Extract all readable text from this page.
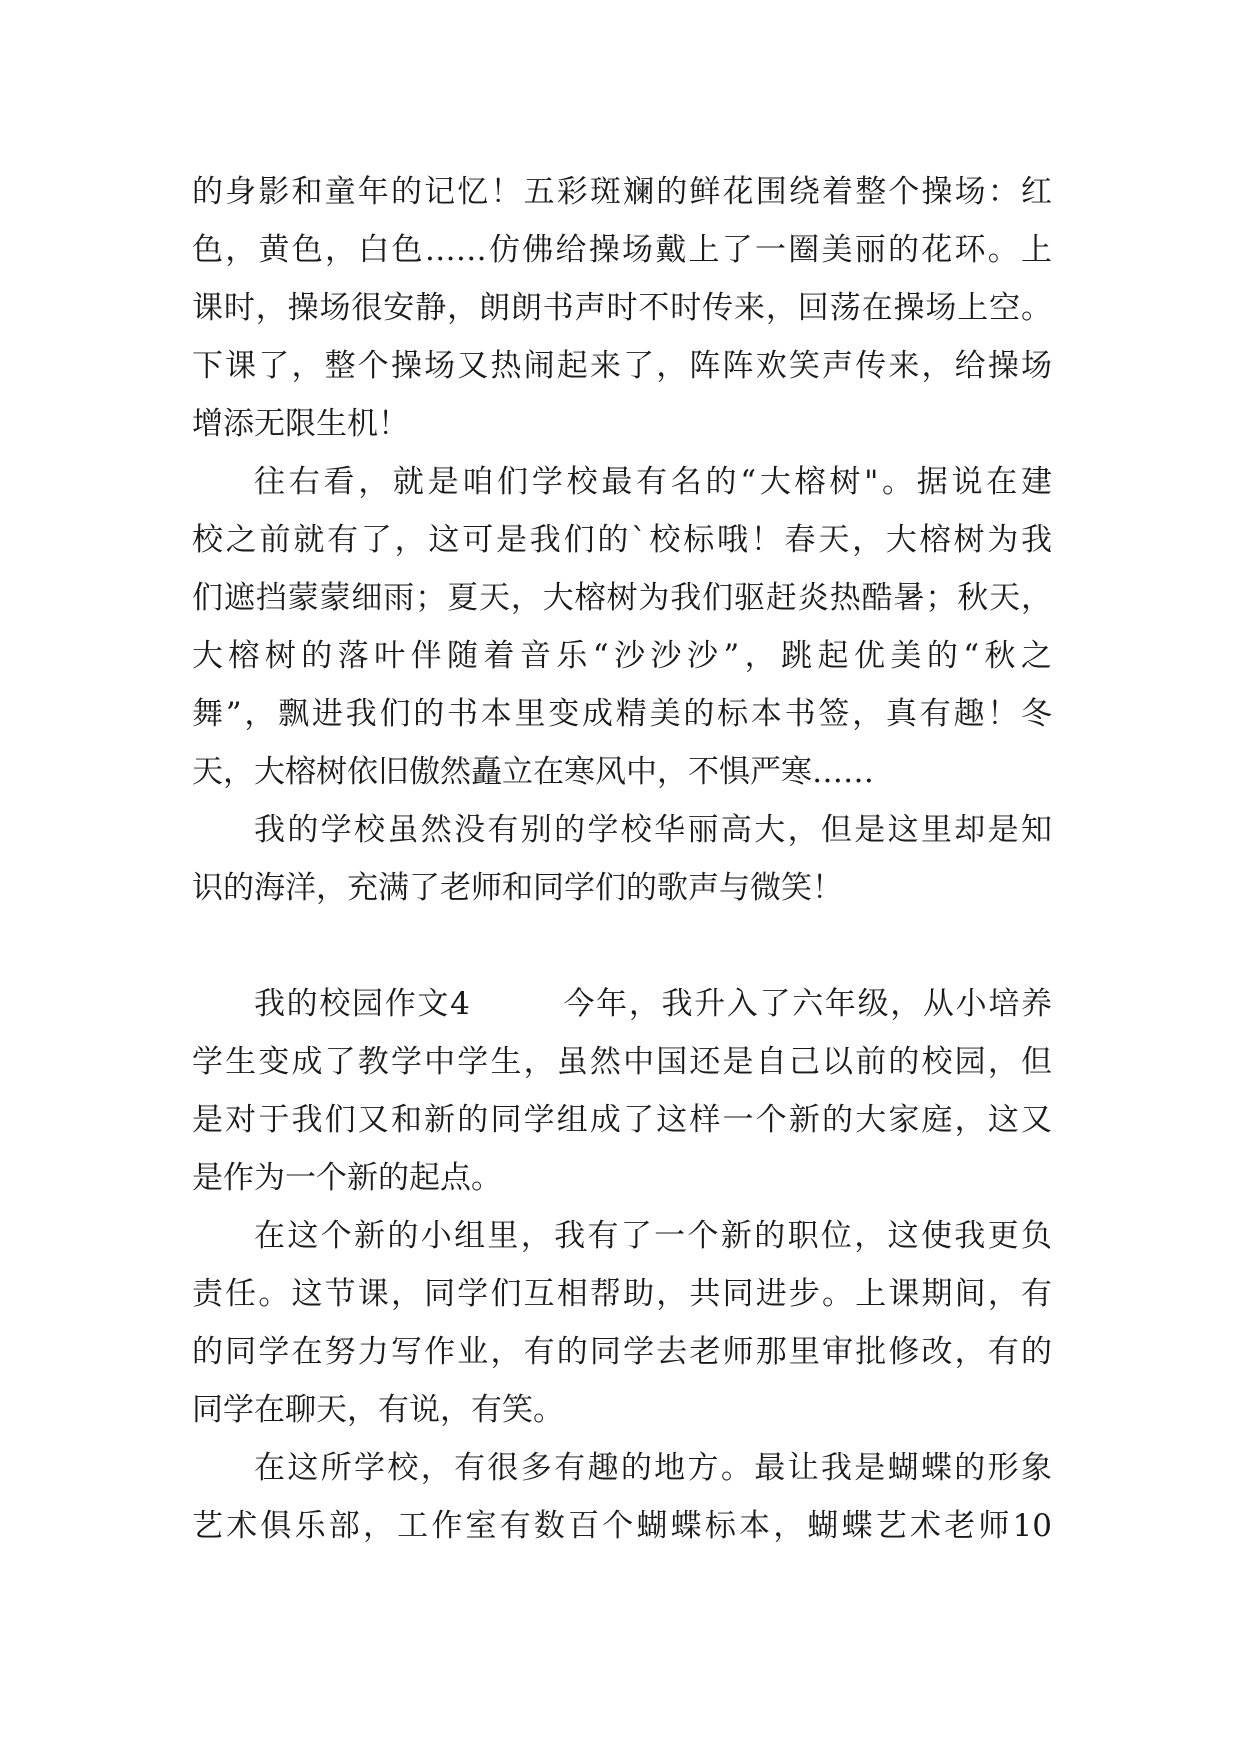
的身影和童年的记忆！五彩斑斓的鲜花围绕着整个操场：红
色，黄色，白色……仿佛给操场戴上了一圈美丽的花环。上
课时，操场很安静，朗朗书声时不时传来，回荡在操场上空。
下课了，整个操场又热闹起来了，阵阵欢笑声传来，给操场
增添无限生机！
往右看，就是咱们学校最有名的“大榕树"。据说在建
校之前就有了，这可是我们的`校标哦！春天，大榕树为我
们遮挡蒙蒙细雨；夏天，大榕树为我们驱赶炎热酷暑；秋天，
大榕树的落叶伴随着音乐“沙沙沙”，跳起优美的“秋之
舞”，飘进我们的书本里变成精美的标本书签，真有趣！冬
天，大榕树依旧傲然矗立在寒风中，不惧严寒……
我的学校虽然没有别的学校华丽高大，但是这里却是知
识的海洋，充满了老师和同学们的歌声与微笑！
我的校园作文4	今年，我升入了六年级，从小培养
学生变成了教学中学生，虽然中国还是自己以前的校园，但
是对于我们又和新的同学组成了这样一个新的大家庭，这又
是作为一个新的起点。
在这个新的小组里，我有了一个新的职位，这使我更负
责任。这节课，同学们互相帮助，共同进步。上课期间，有
的同学在努力写作业，有的同学去老师那里审批修改，有的
同学在聊天，有说，有笑。
在这所学校，有很多有趣的地方。最让我是蝴蝶的形象
艺术俱乐部，工作室有数百个蝴蝶标本，蝴蝶艺术老师10
